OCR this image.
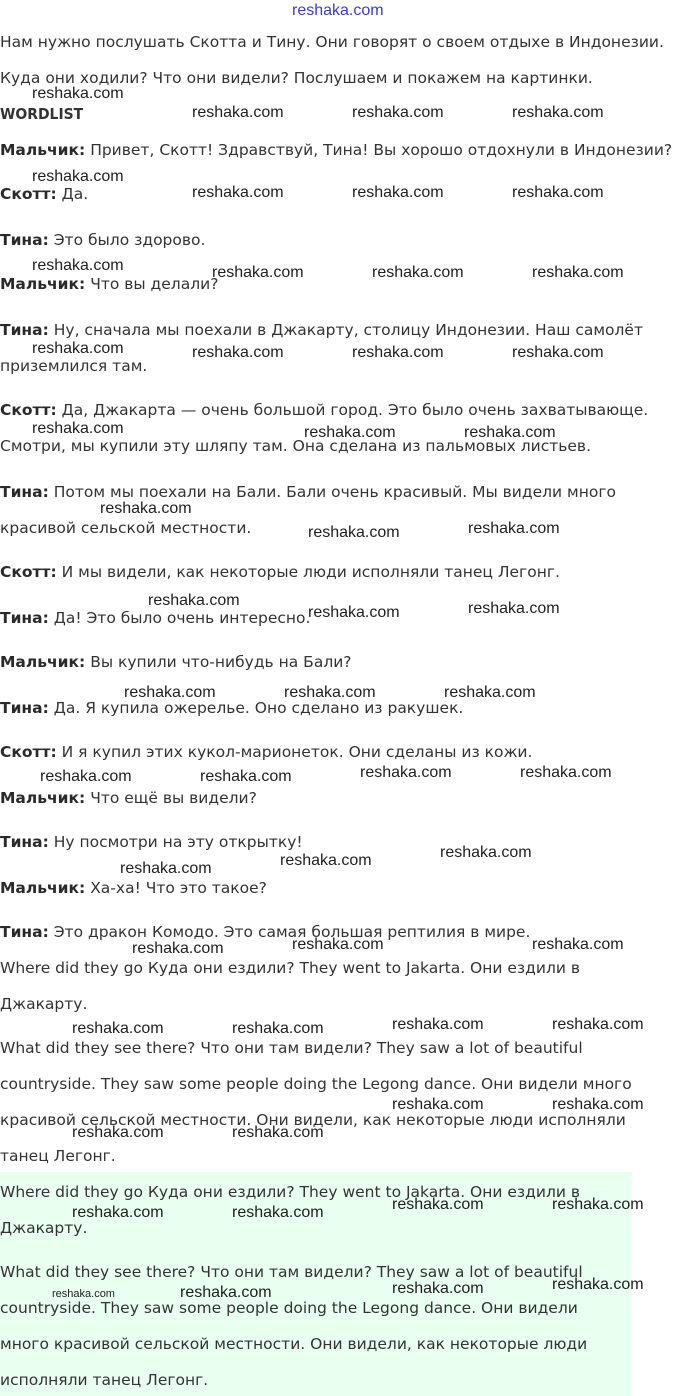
reshaka.com
Нам нужно послушать Скотта и Тину. Они говорят о своем отдыхе в Индонезии.
Куда они ходили? Что они видели? Послушаем и покажем на картинки.
WORDLIST
Мальчик: Привет, Скотт! Здравствуй, Тина! Вы хорошо отдохнули в Индонезии?
Скотт: Да.
Тина: Это было здорово.
Мальчик: Что вы делали?
Тина: Ну, сначала мы поехали в Джакарту, столицу Индонезии. Наш самолёт
приземлился там.
Скотт: Да, Джакарта — очень большой город. Это было очень захватывающе.
Смотри, мы купили эту шляпу там. Она сделана из пальмовых листьев.
Тина: Потом мы поехали на Бали. Бали очень красивый. Мы видели много
красивой сельской местности.
Скотт: И мы видели, как некоторые люди исполняли танец Легонг.
Тина: Да! Это было очень интересно.
Мальчик: Вы купили что-нибудь на Бали?
Тина: Да. Я купила ожерелье. Оно сделано из ракушек.
Скотт: И я купил этих кукол-марионеток. Они сделаны из кожи.
Мальчик: Что ещё вы видели?
Тина: Ну посмотри на эту открытку!
Мальчик: Ха-ха! Что это такое?
Тина: Это дракон Комодо. Это самая большая рептилия в мире.
Where did they go Куда они ездили? They went to Jakarta. Они ездили в
Джакарту.
What did they see there? Что они там видели? They saw a lot of beautiful
countryside. They saw some people doing the Legong dance. Они видели много
красивой сельской местности. Они видели, как некоторые люди исполняли
танец Легонг.
Where did they go Куда они ездили? They went to Jakarta. Они ездили в
Джакарту.
What did they see there? Что они там видели? They saw a lot of beautiful
countryside. They saw some people doing the Legong dance. Они видели
много красивой сельской местности. Они видели, как некоторые люди
исполняли танец Легонг.
reshaka.com
reshaka.com	reshaka.com	reshaka.com
reshaka.com
reshaka.com	reshaka.com	reshaka.com
reshaka.com	reshaka.com	reshaka.com	reshaka.com
reshaka.com	reshaka.com	reshaka.com	reshaka.com
reshaka.com	reshaka.com	reshaka.com
reshaka.com
reshaka.com	reshaka.com
reshaka.com
reshaka.com	reshaka.com
reshaka.com	reshaka.com	reshaka.com
reshaka.com	reshaka.com	reshaka.com	reshaka.com
reshaka.com	reshaka.com	reshaka.com
reshaka.com	reshaka.com	reshaka.com
reshaka.com	reshaka.com	reshaka.com	reshaka.com
reshaka.com	reshaka.com
reshaka.com	reshaka.com
reshaka.com	reshaka.com
reshaka.com	reshaka.com
reshaka.com	reshaka.com	reshaka.com	reshaka.com
